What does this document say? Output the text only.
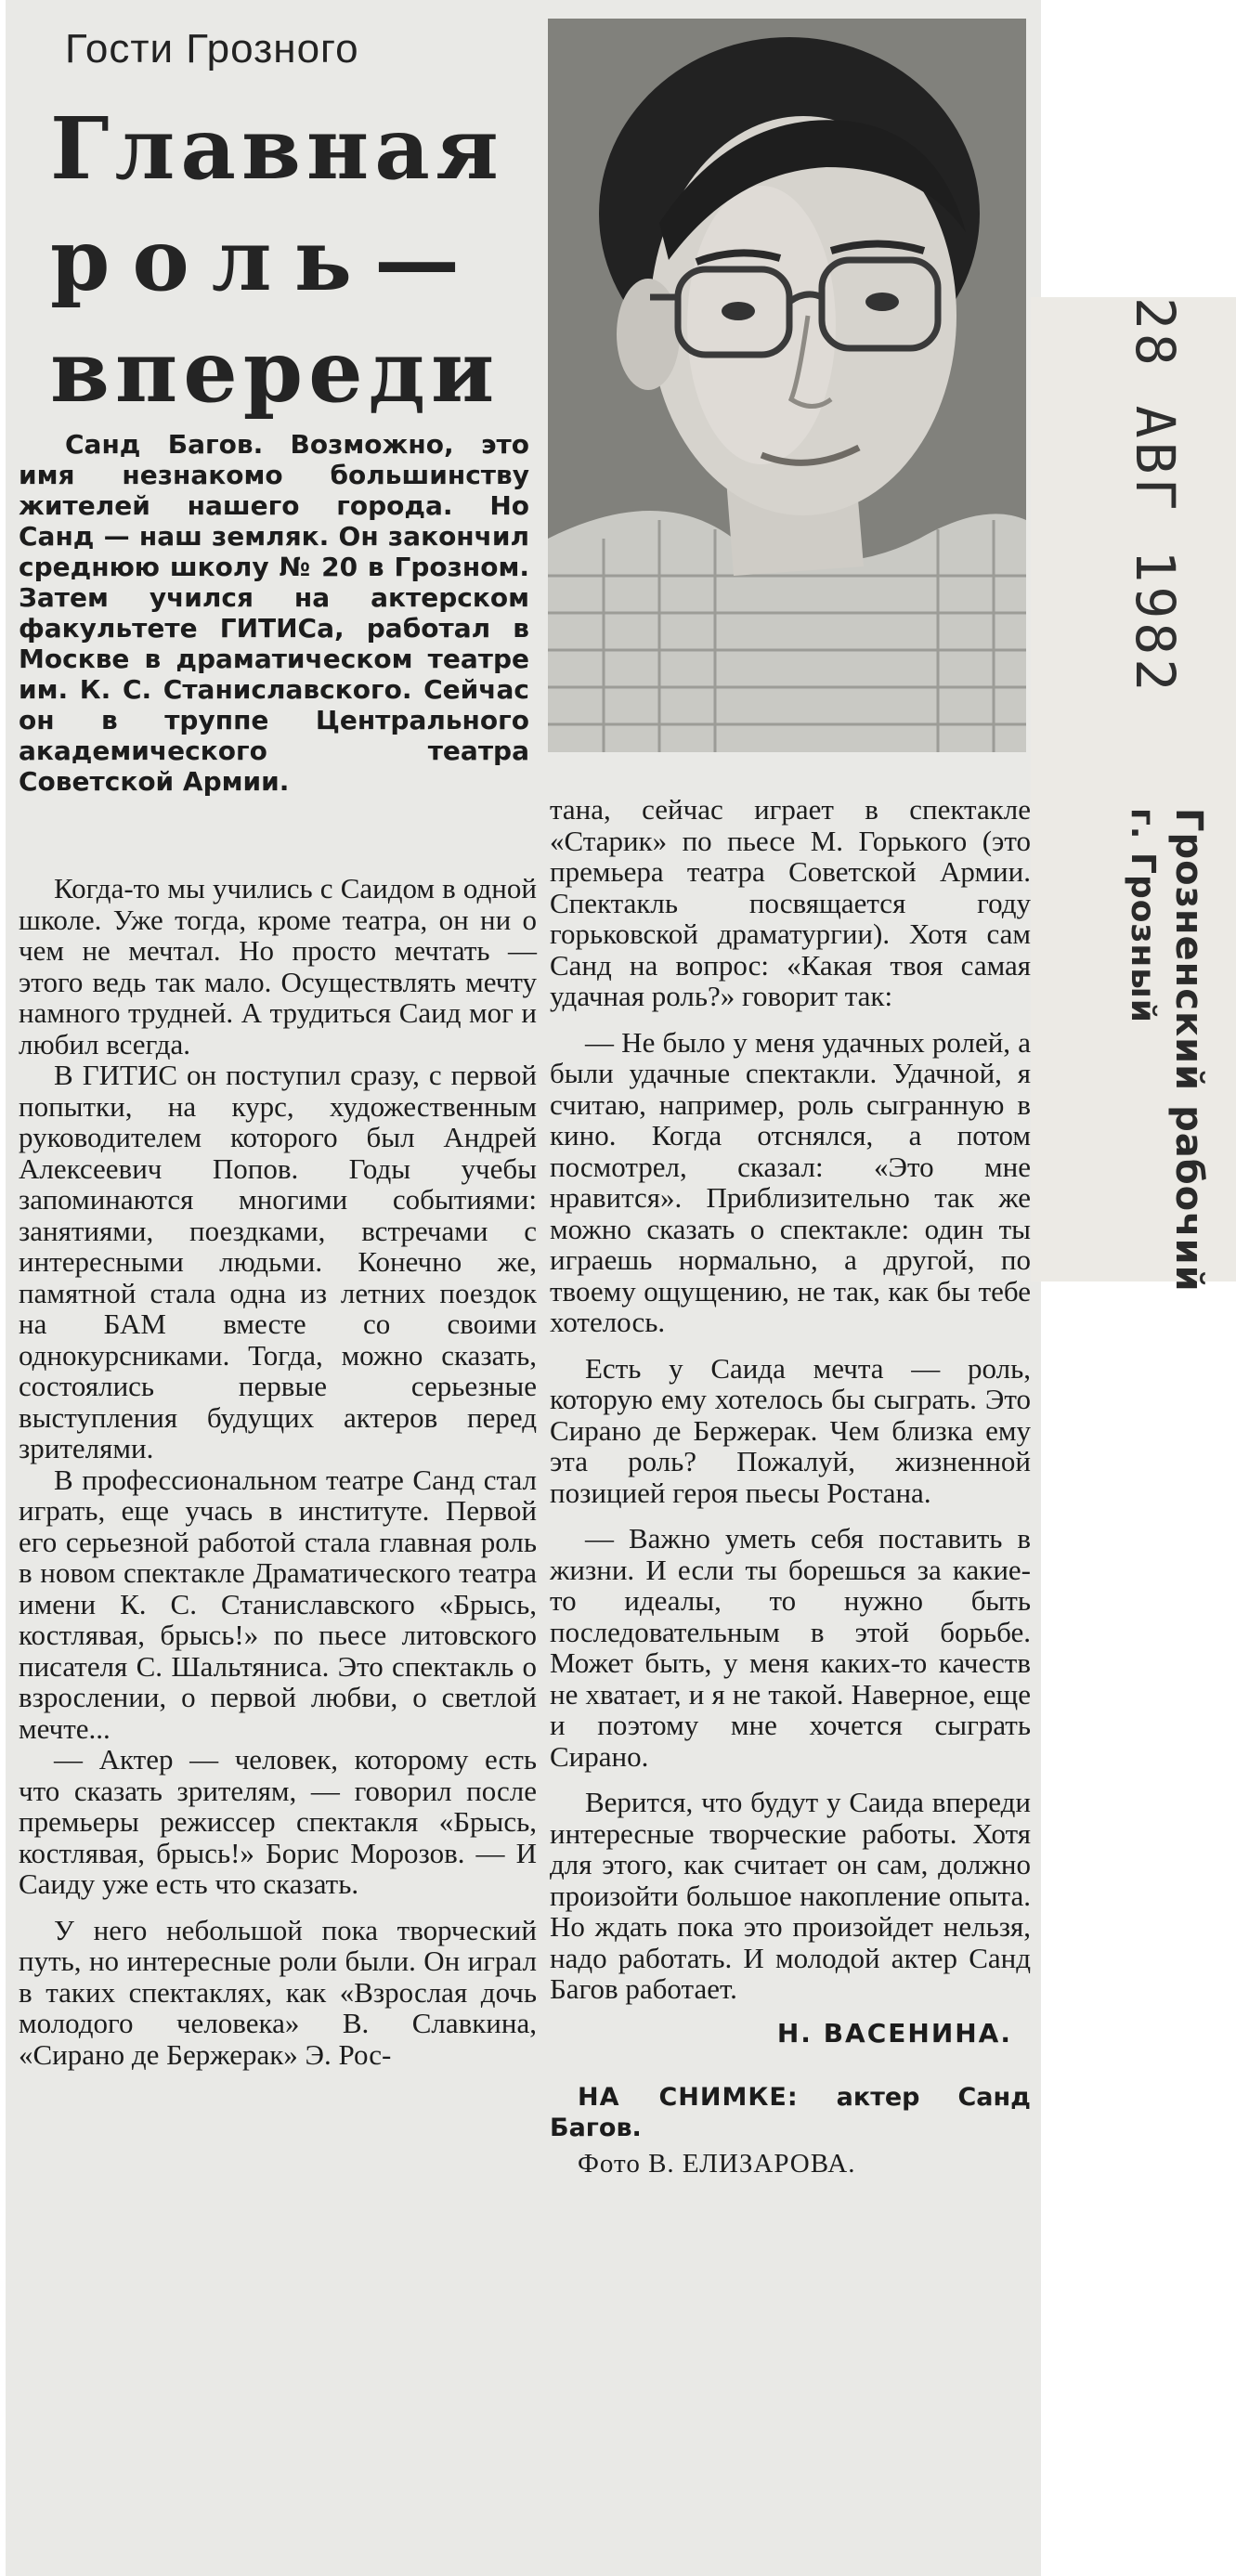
Гости Грозного
Главная
роль—
впереди

Санд Багов. Возможно, это имя незнакомо большинству жителей нашего города. Но Санд — наш земляк. Он закончил среднюю школу № 20 в Грозном. Затем учился на актерском факультете ГИТИСа, работал в Москве в драматическом театре им. К. С. Станиславского. Сейчас он в труппе Центрального академического театра Советской Армии.

Когда-то мы учились с Саидом в одной школе. Уже тогда, кроме театра, он ни о чем не мечтал. Но просто мечтать — этого ведь так мало. Осуществлять мечту намного трудней. А трудиться Саид мог и любил всегда.

В ГИТИС он поступил сразу, с первой попытки, на курс, художественным руководителем которого был Андрей Алексеевич Попов. Годы учебы запоминаются многими событиями: занятиями, поездками, встречами с интересными людьми. Конечно же, памятной стала одна из летних поездок на БАМ вместе со своими однокурсниками. Тогда, можно сказать, состоялись первые серьезные выступления будущих актеров перед зрителями.

В профессиональном театре Санд стал играть, еще учась в институте. Первой его серьезной работой стала главная роль в новом спектакле Драматического театра имени К. С. Станиславского «Брысь, костлявая, брысь!» по пьесе литовского писателя С. Шальтяниса. Это спектакль о взрослении, о первой любви, о светлой мечте...

— Актер — человек, которому есть что сказать зрителям, — говорил после премьеры режиссер спектакля «Брысь, костлявая, брысь!» Борис Морозов. — И Саиду уже есть что сказать.

У него небольшой пока творческий путь, но интересные роли были. Он играл в таких спектаклях, как «Взрослая дочь молодого человека» В. Славкина, «Сирано де Бержерак» Э. Рос-

тана, сейчас играет в спектакле «Старик» по пьесе М. Горького (это премьера театра Советской Армии. Спектакль посвящается году горьковской драматургии). Хотя сам Санд на вопрос: «Какая твоя самая удачная роль?» говорит так:

— Не было у меня удачных ролей, а были удачные спектакли. Удачной, я считаю, например, роль сыгранную в кино. Когда отснялся, а потом посмотрел, сказал: «Это мне нравится». Приблизительно так же можно сказать о спектакле: один ты играешь нормально, а другой, по твоему ощущению, не так, как бы тебе хотелось.

Есть у Саида мечта — роль, которую ему хотелось бы сыграть. Это Сирано де Бержерак. Чем близка ему эта роль? Пожалуй, жизненной позицией героя пьесы Ростана.

— Важно уметь себя поставить в жизни. И если ты борешься за какие-то идеалы, то нужно быть последовательным в этой борьбе. Может быть, у меня каких-то качеств не хватает, и я не такой. Наверное, еще и поэтому мне хочется сыграть Сирано.

Верится, что будут у Саида впереди интересные творческие работы. Хотя для этого, как считает он сам, должно произойти большое накопление опыта. Но ждать пока это произойдет нельзя, надо работать. И молодой актер Санд Багов работает.

Н. ВАСЕНИНА.
НА СНИМКЕ: актер Санд Багов.
Фото В. ЕЛИЗАРОВА.
28 АВГ 1982
Грозненский рабочий
г. Грозный
